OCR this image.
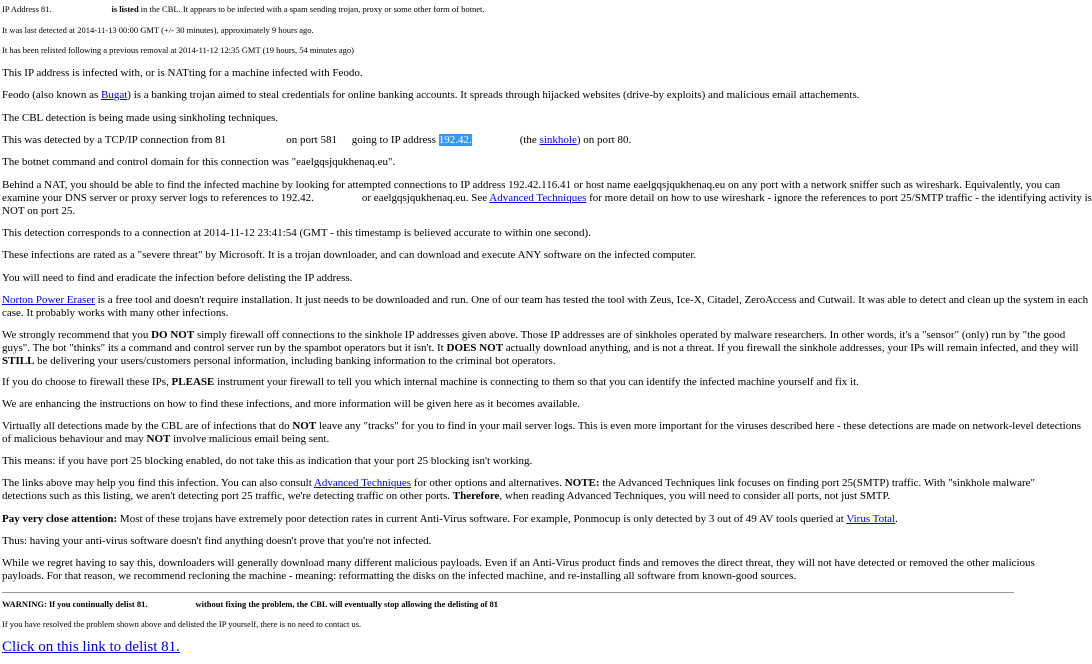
IP Address 81.	is listed in the CBL. It appears to be infected with a spam sending trojan, proxy or some other form of botnet.
It was last detected at 2014-11-13 00:00 GMT (+/- 30 minutes), approximately 9 hours ago.
It has been relisted following a previous removal at 2014-11-12 12:35 GMT (19 hours, 54 minutes ago)
This IP address is infected with, or is NATting for a machine infected with Feodo.
Feodo (also known as Bugat) is a banking trojan aimed to steal credentials for online banking accounts. It spreads through hijacked websites (drive-by exploits) and malicious email attachements.
The CBL detection is being made using sinkholing techniques.
This was detected by a TCP/IP connection from 81	on port 581 going to IP address 192.42.	(the sinkhole) on port 80.
The botnet command and control domain for this connection was "eaelgqsjqukhenaq.eu".
Behind a NAT, you should be able to find the infected machine by looking for attempted connections to IP address 192.42.116.41 or host name eaelgqsjqukhenaq.eu on any port with a network sniffer such as wireshark. Equivalently, you can
examine your DNS server or proxy server logs to references to 192.42.	or eaelgqsjqukhenaq.eu. See Advanced Techniques for more detail on how to use wireshark - ignore the references to port 25/SMTP traffic - the identifying activity is
NOT on port 25.
This detection corresponds to a connection at 2014-11-12 23:41:54 (GMT - this timestamp is believed accurate to within one second).
These infections are rated as a "severe threat" by Microsoft. It is a trojan downloader, and can download and execute ANY software on the infected computer.
You will need to find and eradicate the infection before delisting the IP address.
Norton Power Eraser is a free tool and doesn't require installation. It just needs to be downloaded and run. One of our team has tested the tool with Zeus, Ice-X, Citadel, ZeroAccess and Cutwail. It was able to detect and clean up the system in each
case. It probably works with many other infections.
We strongly recommend that you DO NOT simply firewall off connections to the sinkhole IP addresses given above. Those IP addresses are of sinkholes operated by malware researchers. In other words, it's a "sensor" (only) run by "the good
guys". The bot "thinks" its a command and control server run by the spambot operators but it isn't. It DOES NOT actually download anything, and is not a threat. If you firewall the sinkhole addresses, your IPs will remain infected, and they will
STILL be delivering your users/customers personal information, including banking information to the criminal bot operators.
If you do choose to firewall these IPs, PLEASE instrument your firewall to tell you which internal machine is connecting to them so that you can identify the infected machine yourself and fix it.
We are enhancing the instructions on how to find these infections, and more information will be given here as it becomes available.
Virtually all detections made by the CBL are of infections that do NOT leave any "tracks" for you to find in your mail server logs. This is even more important for the viruses described here - these detections are made on network-level detections
of malicious behaviour and may NOT involve malicious email being sent.
This means: if you have port 25 blocking enabled, do not take this as indication that your port 25 blocking isn't working.
The links above may help you find this infection. You can also consult Advanced Techniques for other options and alternatives. NOTE: the Advanced Techniques link focuses on finding port 25(SMTP) traffic. With "sinkhole malware"
detections such as this listing, we aren't detecting port 25 traffic, we're detecting traffic on other ports. Therefore, when reading Advanced Techniques, you will need to consider all ports, not just SMTP.
Pay very close attention: Most of these trojans have extremely poor detection rates in current Anti-Virus software. For example, Ponmocup is only detected by 3 out of 49 AV tools queried at Virus Total.
Thus: having your anti-virus software doesn't find anything doesn't prove that you're not infected.
While we regret having to say this, downloaders will generally download many different malicious payloads. Even if an Anti-Virus product finds and removes the direct threat, they will not have detected or removed the other malicious
payloads. For that reason, we recommend recloning the machine - meaning: reformatting the disks on the infected machine, and re-installing all software from known-good sources.
WARNING: If you continually delist 81.	without fixing the problem, the CBL will eventually stop allowing the delisting of 81
If you have resolved the problem shown above and delisted the IP yourself, there is no need to contact us.
Click on this link to delist 81.
